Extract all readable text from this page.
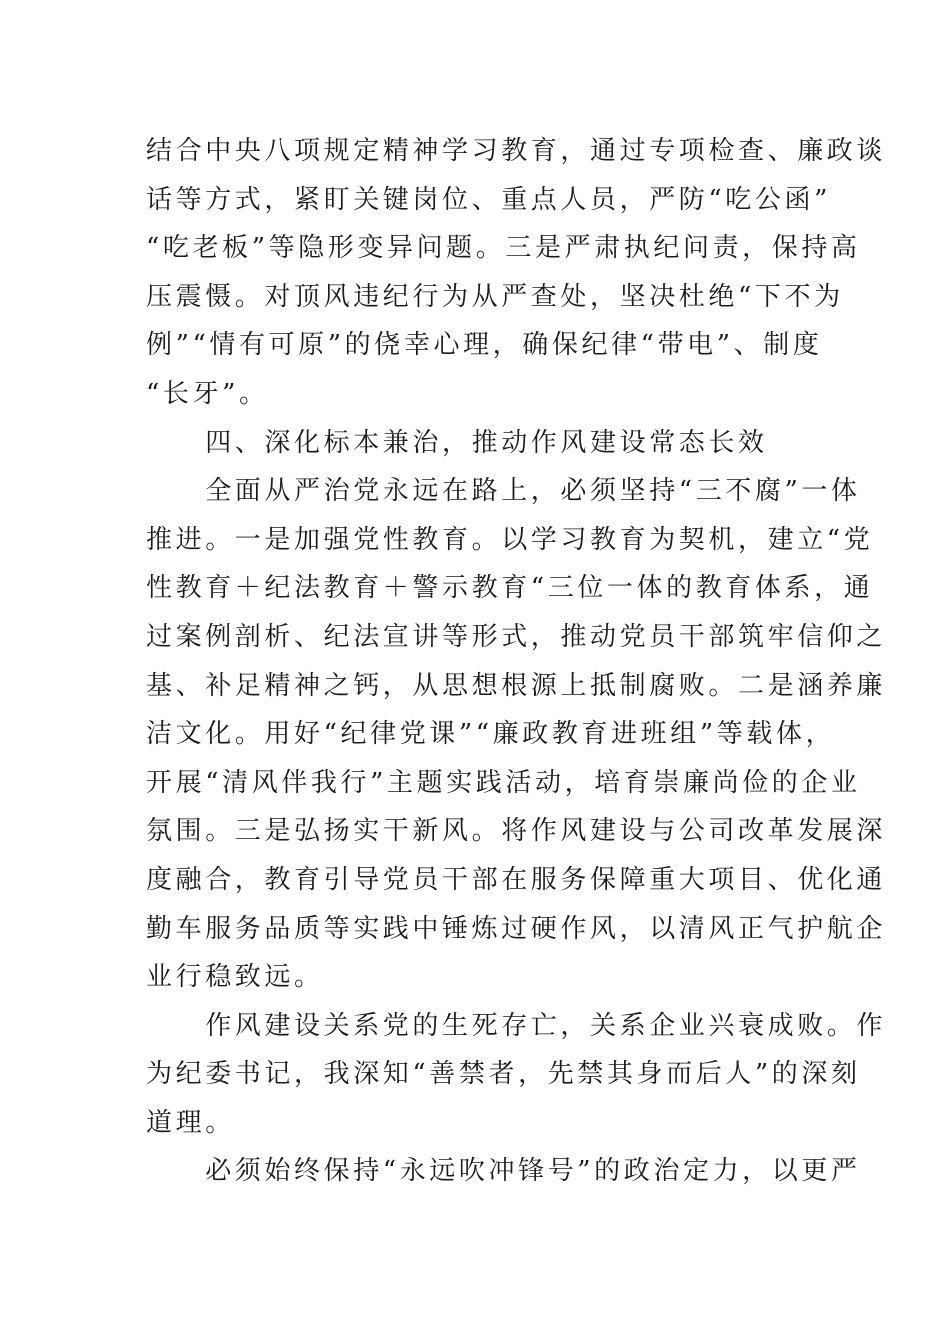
结合中央八项规定精神学习教育，通过专项检查、廉政谈
话等方式，紧盯关键岗位、重点人员，严防“吃公函”
“吃老板”等隐形变异问题。三是严肃执纪问责，保持高
压震慑。对顶风违纪行为从严查处，坚决杜绝“下不为
例”“情有可原”的侥幸心理，确保纪律“带电”、制度
“长牙”。
　　四、深化标本兼治，推动作风建设常态长效
　　全面从严治党永远在路上，必须坚持“三不腐”一体
推进。一是加强党性教育。以学习教育为契机，建立“党
性教育＋纪法教育＋警示教育“三位一体的教育体系，通
过案例剖析、纪法宣讲等形式，推动党员干部筑牢信仰之
基、补足精神之钙，从思想根源上抵制腐败。二是涵养廉
洁文化。用好“纪律党课”“廉政教育进班组”等载体，
开展“清风伴我行”主题实践活动，培育崇廉尚俭的企业
氛围。三是弘扬实干新风。将作风建设与公司改革发展深
度融合，教育引导党员干部在服务保障重大项目、优化通
勤车服务品质等实践中锤炼过硬作风，以清风正气护航企
业行稳致远。
　　作风建设关系党的生死存亡，关系企业兴衰成败。作
为纪委书记，我深知“善禁者，先禁其身而后人”的深刻
道理。
　　必须始终保持“永远吹冲锋号”的政治定力，以更严
